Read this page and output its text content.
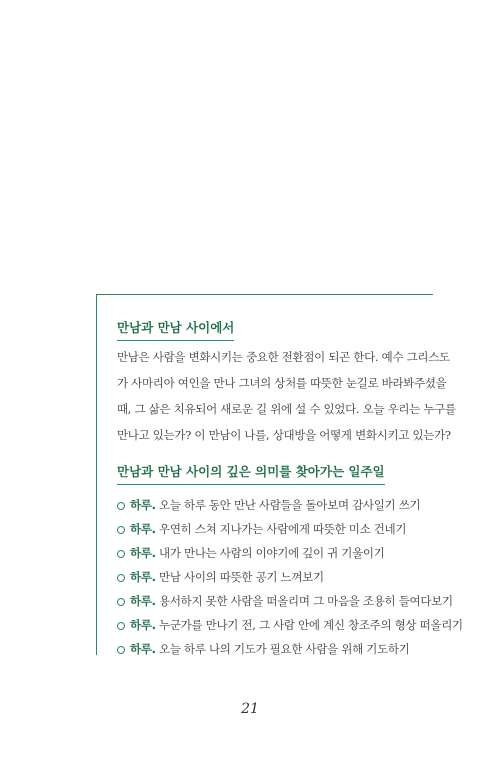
만남과 만남 사이에서
만남은 사람을 변화시키는 중요한 전환점이 되곤 한다. 예수 그리스도
가 사마리아 여인을 만나 그녀의 상처를 따뜻한 눈길로 바라봐주셨을
때, 그 삶은 치유되어 새로운 길 위에 설 수 있었다. 오늘 우리는 누구를
만나고 있는가? 이 만남이 나를, 상대방을 어떻게 변화시키고 있는가?
만남과 만남 사이의 깊은 의미를 찾아가는 일주일
하루. 오늘 하루 동안 만난 사람들을 돌아보며 감사일기 쓰기
하루. 우연히 스쳐 지나가는 사람에게 따뜻한 미소 건네기
하루. 내가 만나는 사람의 이야기에 깊이 귀 기울이기
하루. 만남 사이의 따뜻한 공기 느껴보기
하루. 용서하지 못한 사람을 떠올리며 그 마음을 조용히 들여다보기
하루. 누군가를 만나기 전, 그 사람 안에 계신 창조주의 형상 떠올리기
하루. 오늘 하루 나의 기도가 필요한 사람을 위해 기도하기
21
